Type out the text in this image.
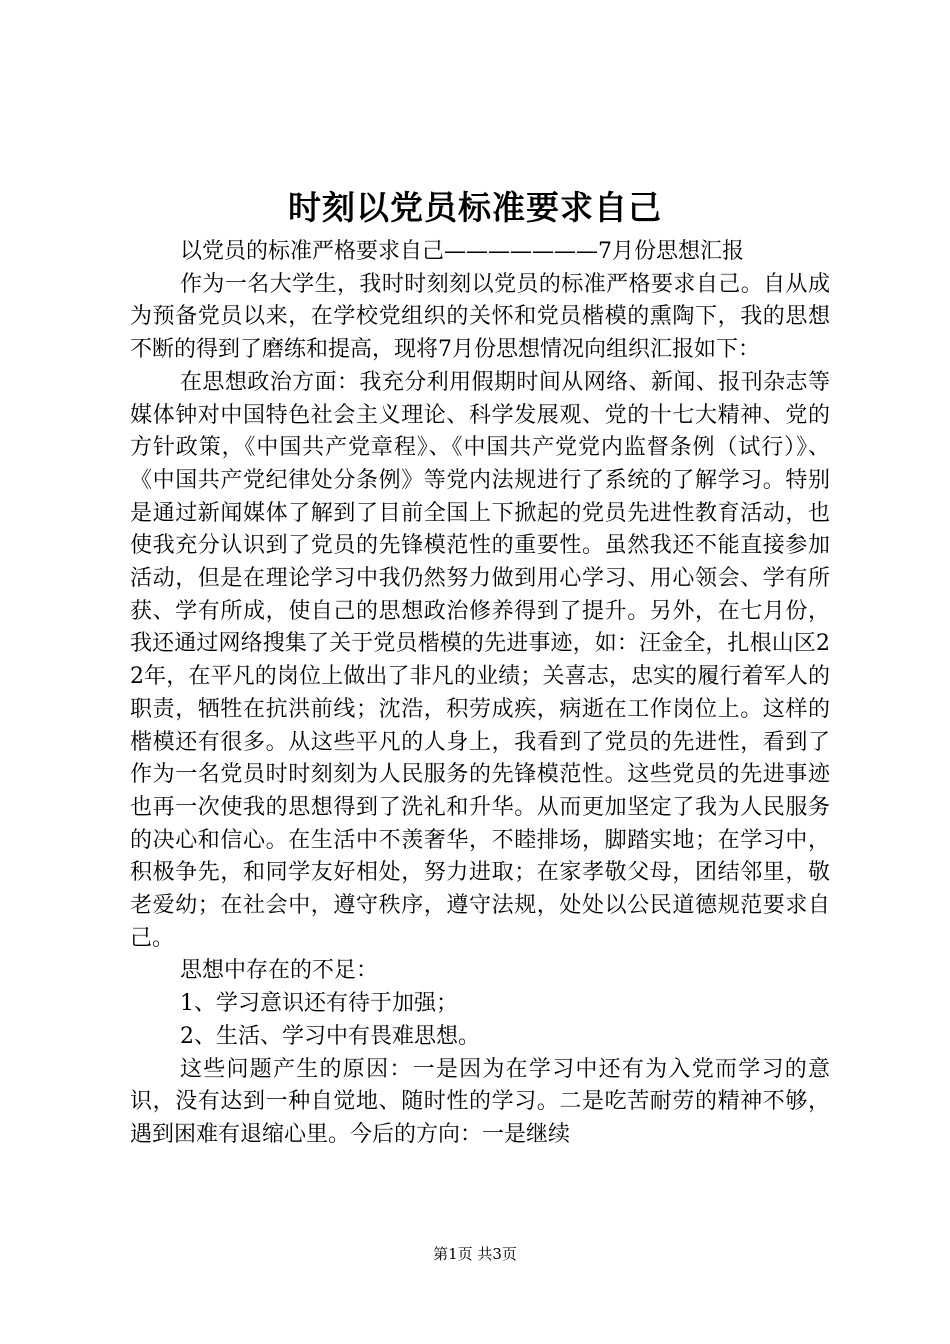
时刻以党员标准要求自己

以党员的标准严格要求自己———————7月份思想汇报

作为一名大学生，我时时刻刻以党员的标准严格要求自己。自从成为预备党员以来，在学校党组织的关怀和党员楷模的熏陶下，我的思想不断的得到了磨练和提高，现将7月份思想情况向组织汇报如下：

在思想政治方面：我充分利用假期时间从网络、新闻、报刊杂志等媒体钟对中国特色社会主义理论、科学发展观、党的十七大精神、党的方针政策，《中国共产党章程》、《中国共产党党内监督条例（试行）》、《中国共产党纪律处分条例》等党内法规进行了系统的了解学习。特别是通过新闻媒体了解到了目前全国上下掀起的党员先进性教育活动，也使我充分认识到了党员的先锋模范性的重要性。虽然我还不能直接参加活动，但是在理论学习中我仍然努力做到用心学习、用心领会、学有所获、学有所成，使自己的思想政治修养得到了提升。另外，在七月份，我还通过网络搜集了关于党员楷模的先进事迹，如：汪金全，扎根山区22年，在平凡的岗位上做出了非凡的业绩；关喜志，忠实的履行着军人的职责，牺牲在抗洪前线；沈浩，积劳成疾，病逝在工作岗位上。这样的楷模还有很多。从这些平凡的人身上，我看到了党员的先进性，看到了作为一名党员时时刻刻为人民服务的先锋模范性。这些党员的先进事迹也再一次使我的思想得到了洗礼和升华。从而更加坚定了我为人民服务的决心和信心。在生活中不羡奢华，不睦排场，脚踏实地；在学习中，积极争先，和同学友好相处，努力进取；在家孝敬父母，团结邻里，敬老爱幼；在社会中，遵守秩序，遵守法规，处处以公民道德规范要求自己。

思想中存在的不足：

1、学习意识还有待于加强；

2、生活、学习中有畏难思想。

这些问题产生的原因：一是因为在学习中还有为入党而学习的意识，没有达到一种自觉地、随时性的学习。二是吃苦耐劳的精神不够，遇到困难有退缩心里。今后的方向：一是继续

第1页 共3页
